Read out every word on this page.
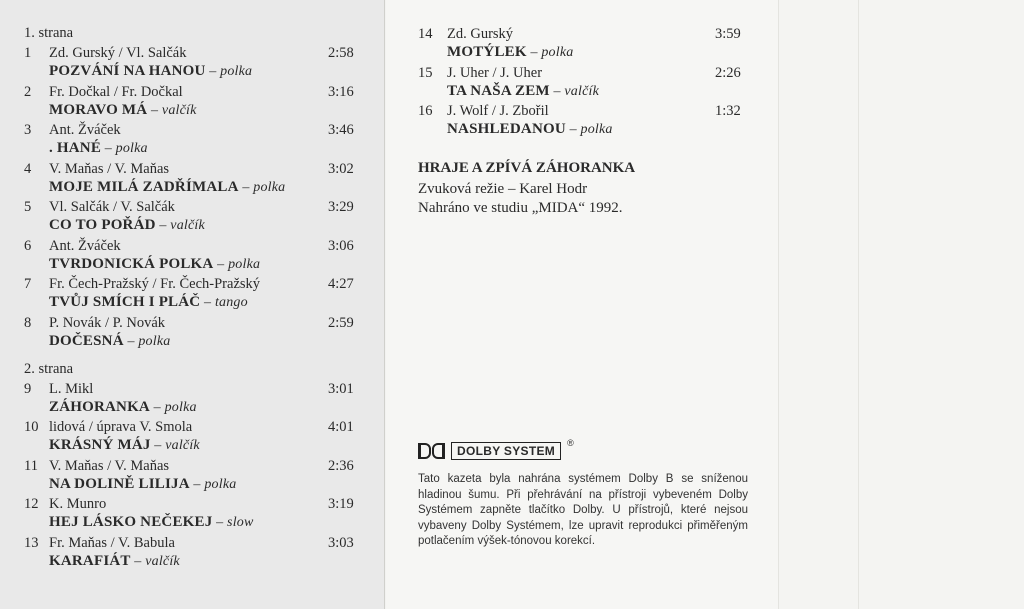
1. strana
2. strana
1 Zd. Gurský / Vl. Salčák	2:58
POZVÁNÍ NA HANOU – polka
2 Fr. Dočkal / Fr. Dočkal	3:16
MORAVO MÁ – valčík
3 Ant. Žváček	3:46
. HANÉ – polka
4 V. Maňas / V. Maňas	3:02
MOJE MILÁ ZADŘÍMALA – polka
5 Vl. Salčák / V. Salčák	3:29
CO TO POŘÁD – valčík
6 Ant. Žváček	3:06
TVRDONICKÁ POLKA – polka
7 Fr. Čech-Pražský / Fr. Čech-Pražský	4:27
TVŮJ SMÍCH I PLÁČ – tango
8 P. Novák / P. Novák	2:59
DOČESNÁ – polka
9 L. Mikl	3:01
ZÁHORANKA – polka
10 lidová / úprava V. Smola	4:01
KRÁSNÝ MÁJ – valčík
11 V. Maňas / V. Maňas	2:36
NA DOLINĚ LILIJA – polka
12 K. Munro	3:19
HEJ LÁSKO NEČEKEJ – slow
13 Fr. Maňas / V. Babula	3:03
KARAFIÁT – valčík
14 Zd. Gurský	3:59
MOTÝLEK – polka
15 J. Uher / J. Uher	2:26
TA NAŠA ZEM – valčík
16 J. Wolf / J. Zbořil	1:32
NASHLEDANOU – polka
HRAJE A ZPÍVÁ ZÁHORANKA
Zvuková režie – Karel Hodr
Nahráno ve studiu „MIDA“ 1992.
DOLBY SYSTEM
®
Tato kazeta byla nahrána systémem Dolby B se sníženou hladinou šumu. Při přehrávání na přístroji vybeveném Dolby Systémem zapněte tlačítko Dolby. U přístrojů, které nejsou vybaveny Dolby Systémem, lze upravit reprodukci přiměřeným potlačením výšek-tónovou korekcí.
